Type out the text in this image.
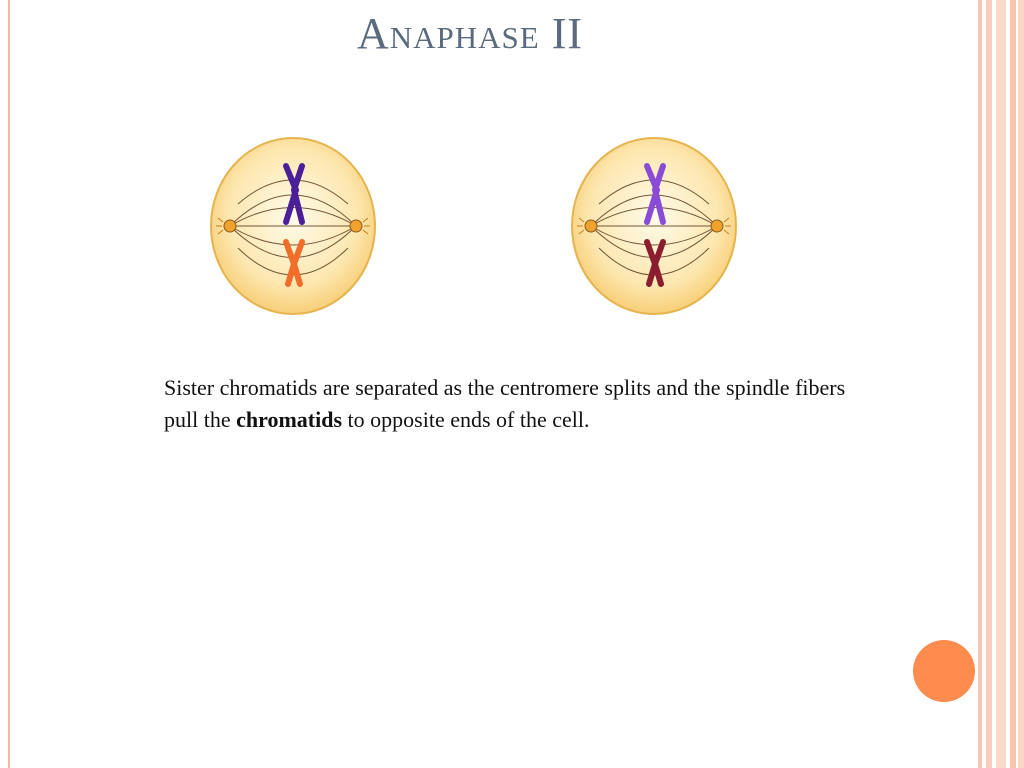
Anaphase II
Sister chromatids are separated as the centromere splits and the spindle fibers pull the chromatids to opposite ends of the cell.
